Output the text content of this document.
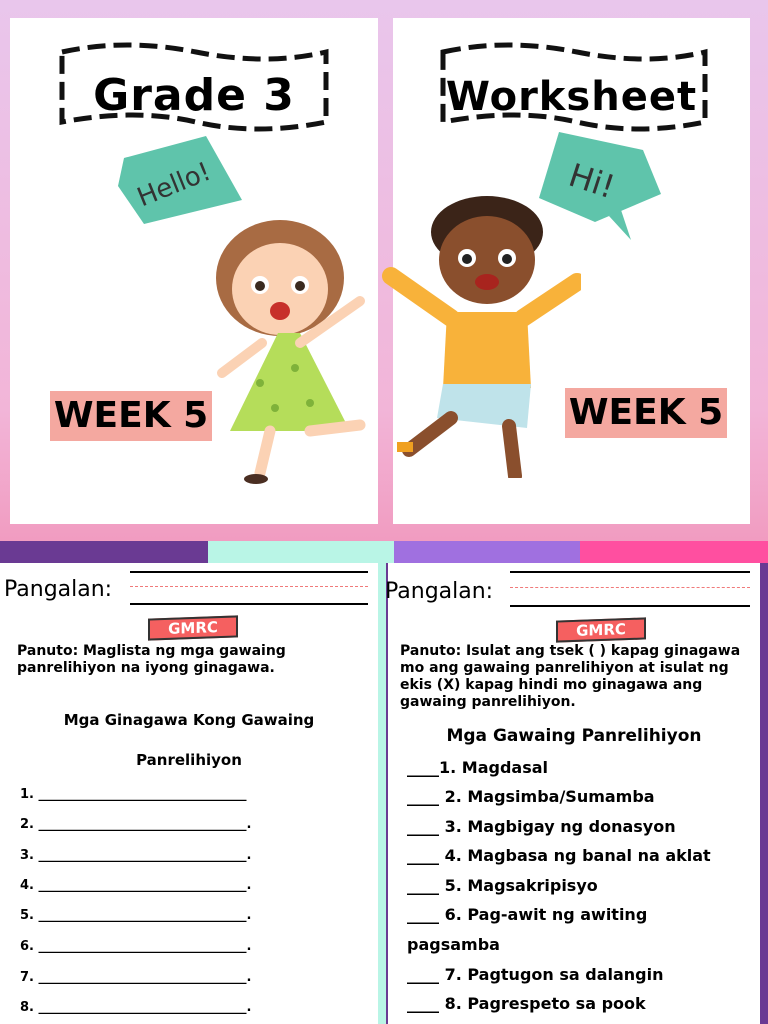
Grade 3
Hello!
WEEK 5
Worksheet
Hi!
WEEK 5
Pangalan:
GMRC
Panuto: Maglista ng mga gawaing panrelihiyon na iyong ginagawa.
Mga Ginagawa Kong Gawaing
Panrelihiyon
1. ________________________________
2. ________________________________.
3. ________________________________.
4. ________________________________.
5. ________________________________.
6. ________________________________.
7. ________________________________.
8. ________________________________.
Pangalan:
GMRC
Panuto: Isulat ang tsek ( ) kapag ginagawa mo ang gawaing panrelihiyon at isulat ng ekis (X) kapag hindi mo ginagawa ang gawaing panrelihiyon.
Mga Gawaing Panrelihiyon
____1. Magdasal
____ 2. Magsimba/Sumamba
____ 3. Magbigay ng donasyon
____ 4. Magbasa ng banal na aklat
____ 5. Magsakripisyo
____ 6. Pag-awit ng awiting
pagsamba
____ 7. Pagtugon sa dalangin
____ 8. Pagrespeto sa pook
